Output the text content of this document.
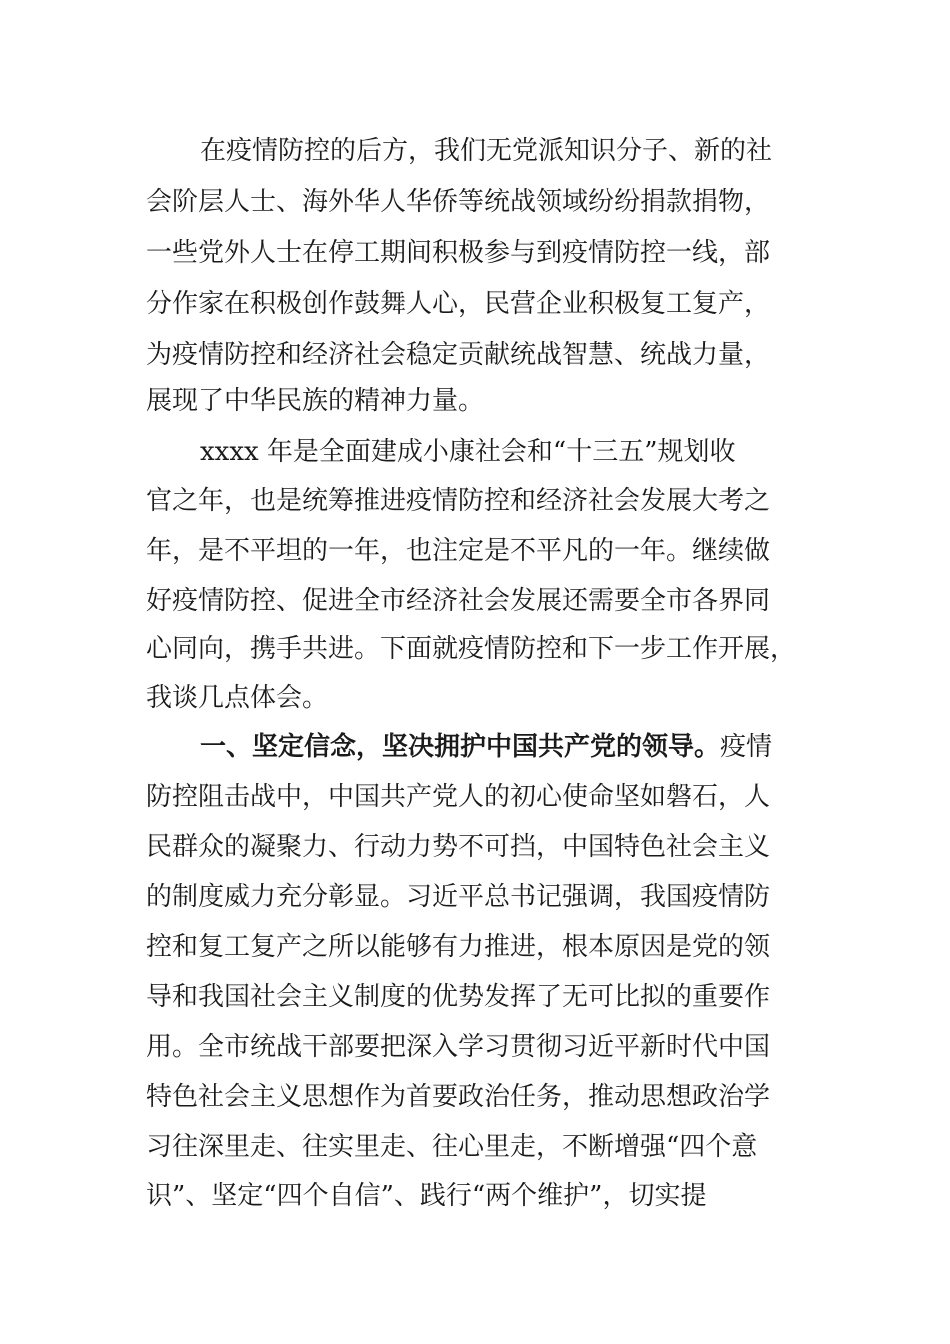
在疫情防控的后方，我们无党派知识分子、新的社
会阶层人士、海外华人华侨等统战领域纷纷捐款捐物，
一些党外人士在停工期间积极参与到疫情防控一线，部
分作家在积极创作鼓舞人心，民营企业积极复工复产，
为疫情防控和经济社会稳定贡献统战智慧、统战力量，
展现了中华民族的精神力量。
xxxx 年是全面建成小康社会和“十三五”规划收
官之年，也是统筹推进疫情防控和经济社会发展大考之
年，是不平坦的一年，也注定是不平凡的一年。继续做
好疫情防控、促进全市经济社会发展还需要全市各界同
心同向，携手共进。下面就疫情防控和下一步工作开展，
我谈几点体会。
一、坚定信念，坚决拥护中国共产党的领导。疫情
防控阻击战中，中国共产党人的初心使命坚如磐石，人
民群众的凝聚力、行动力势不可挡，中国特色社会主义
的制度威力充分彰显。习近平总书记强调，我国疫情防
控和复工复产之所以能够有力推进，根本原因是党的领
导和我国社会主义制度的优势发挥了无可比拟的重要作
用。全市统战干部要把深入学习贯彻习近平新时代中国
特色社会主义思想作为首要政治任务，推动思想政治学
习往深里走、往实里走、往心里走，不断增强“四个意
识”、坚定“四个自信”、践行“两个维护”，切实提
